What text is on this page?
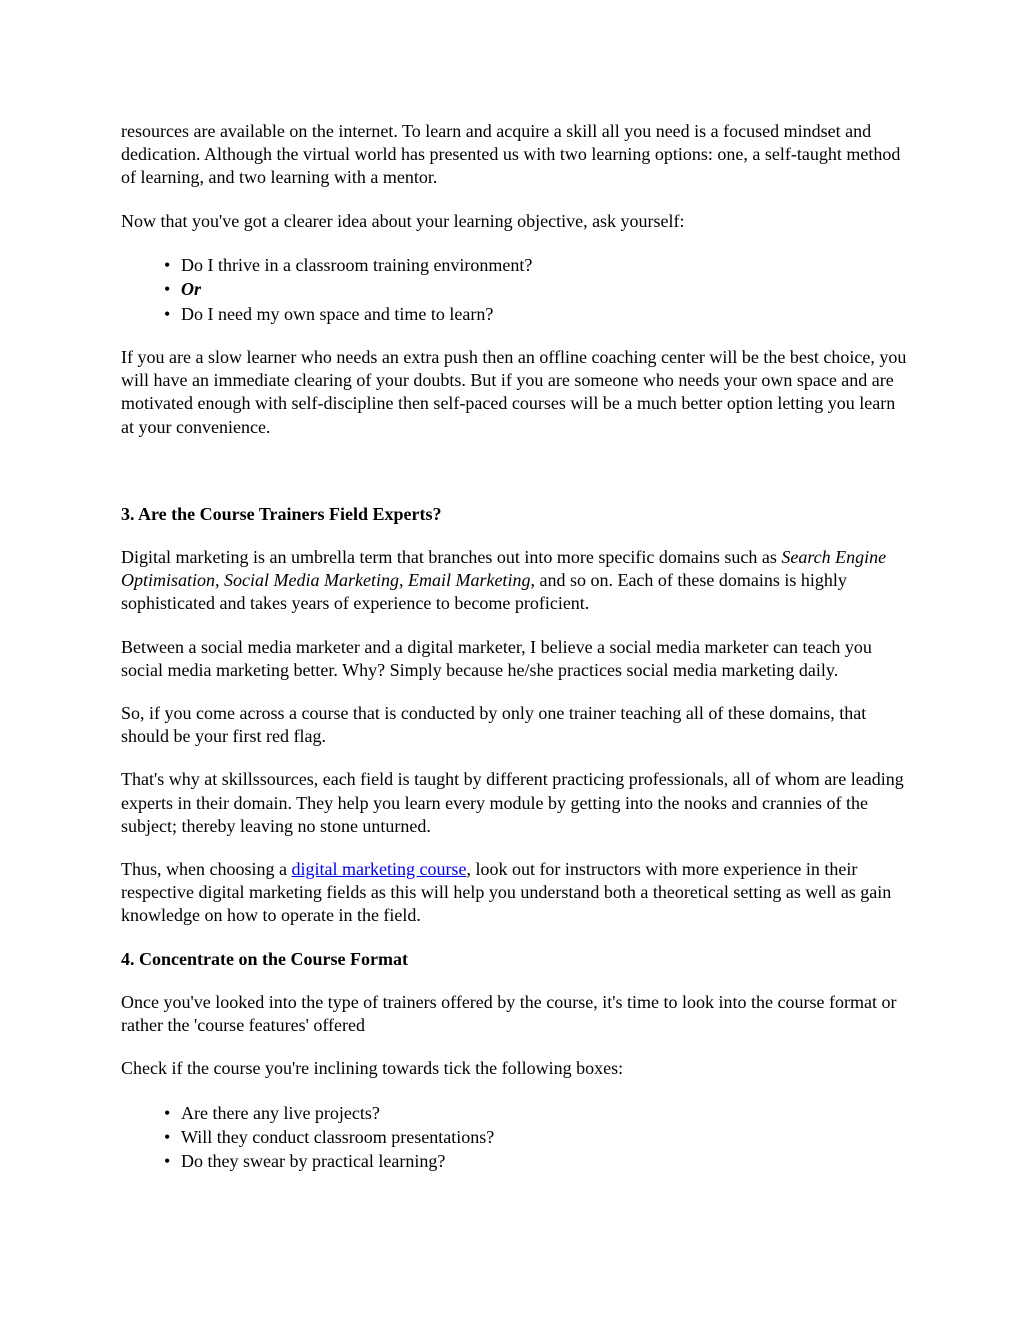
resources are available on the internet. To learn and acquire a skill all you need is a focused mindset and dedication. Although the virtual world has presented us with two learning options: one, a self-taught method of learning, and two learning with a mentor.

Now that you've got a clearer idea about your learning objective, ask yourself:

• Do I thrive in a classroom training environment?
• Or
• Do I need my own space and time to learn?

If you are a slow learner who needs an extra push then an offline coaching center will be the best choice, you will have an immediate clearing of your doubts. But if you are someone who needs your own space and are motivated enough with self-discipline then self-paced courses will be a much better option letting you learn at your convenience.

3. Are the Course Trainers Field Experts?

Digital marketing is an umbrella term that branches out into more specific domains such as Search Engine Optimisation, Social Media Marketing, Email Marketing, and so on. Each of these domains is highly sophisticated and takes years of experience to become proficient.

Between a social media marketer and a digital marketer, I believe a social media marketer can teach you social media marketing better. Why? Simply because he/she practices social media marketing daily.

So, if you come across a course that is conducted by only one trainer teaching all of these domains, that should be your first red flag.

That's why at skillssources, each field is taught by different practicing professionals, all of whom are leading experts in their domain. They help you learn every module by getting into the nooks and crannies of the subject; thereby leaving no stone unturned.

Thus, when choosing a digital marketing course, look out for instructors with more experience in their respective digital marketing fields as this will help you understand both a theoretical setting as well as gain knowledge on how to operate in the field.

4. Concentrate on the Course Format

Once you've looked into the type of trainers offered by the course, it's time to look into the course format or rather the 'course features' offered

Check if the course you're inclining towards tick the following boxes:

• Are there any live projects?
• Will they conduct classroom presentations?
• Do they swear by practical learning?
